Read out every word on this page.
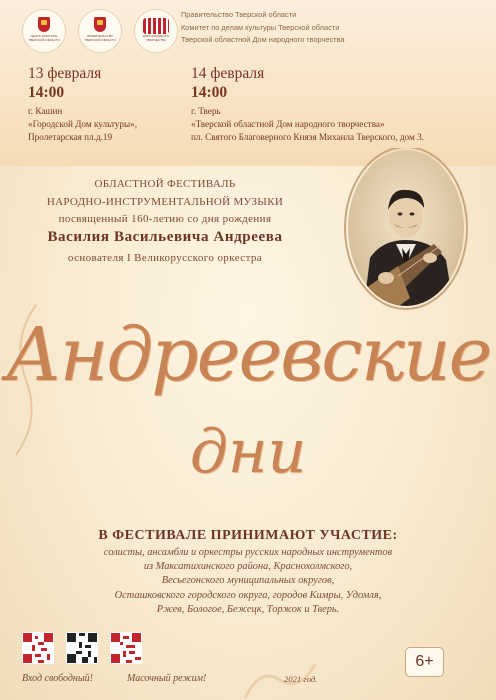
ЦЕНТР КУЛЬТУРЫ ТВЕРСКОЙ ОБЛАСТИ
ПРАВИТЕЛЬСТВО ТВЕРСКОЙ ОБЛАСТИ
ДОМ НАРОДНОГО ТВОРЧЕСТВА
Правительство Тверской области
Комитет по делам культуры Тверской области
Тверской областной Дом народного творчества
13 февраля
14:00
г. Кашин
«Городской Дом культуры»,
Пролетарская пл.д.19
14 февраля
14:00
г. Тверь
«Тверской областной Дом народного творчества»
пл. Святого Благоверного Князя Михаила Тверского, дом 3.
ОБЛАСТНОЙ ФЕСТИВАЛЬ
НАРОДНО-ИНСТРУМЕНТАЛЬНОЙ МУЗЫКИ
посвященный 160-летию со дня рождения
Василия Васильевича Андреева
основателя I Великорусского оркестра
Андреевские
дни
В ФЕСТИВАЛЕ ПРИНИМАЮТ УЧАСТИЕ:
солисты, ансамбли и оркестры русских народных инструментов
из Максатихинского района, Краснохолмского,
Весьегонского муниципальных округов,
Осташковского городского округа, городов Кимры, Удомля,
Ржев, Бологое, Бежецк, Торжок и Тверь.
Вход свободный!	Масочный режим!	2021 год.
6+
